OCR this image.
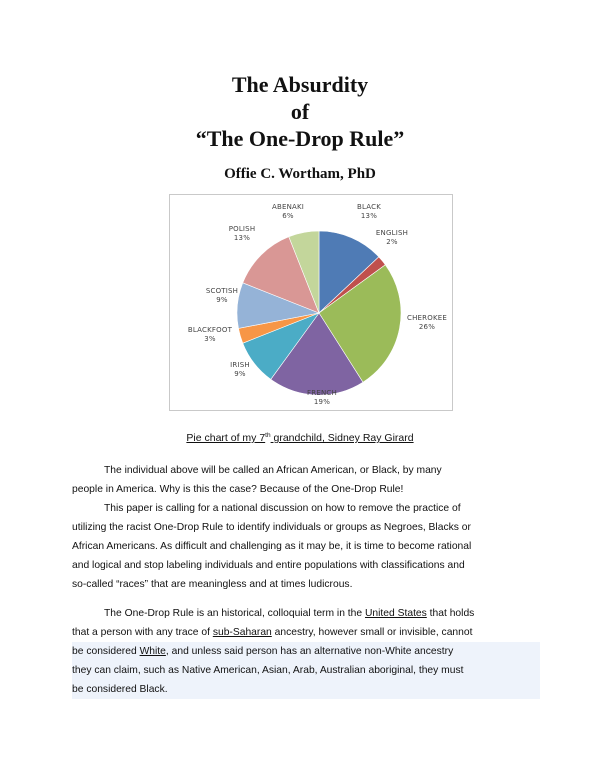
The Absurdity
of
“The One-Drop Rule”
Offie C. Wortham, PhD
BLACK
13%
ENGLISH
2%
CHEROKEE
26%
FRENCH
19%
IRISH
9%
BLACKFOOT
3%
SCOTISH
9%
POLISH
13%
ABENAKI
6%
Pie chart of my 7th grandchild, Sidney Ray Girard
The individual above will be called an African American, or Black, by many
people in America. Why is this the case? Because of the One-Drop Rule!
This paper is calling for a national discussion on how to remove the practice of
utilizing the racist One-Drop Rule to identify individuals or groups as Negroes, Blacks or
African Americans. As difficult and challenging as it may be, it is time to become rational
and logical and stop labeling individuals and entire populations with classifications and
so-called “races” that are meaningless and at times ludicrous.
The One-Drop Rule is an historical, colloquial term in the United States that holds
that a person with any trace of sub-Saharan ancestry, however small or invisible, cannot
be considered White, and unless said person has an alternative non-White ancestry
they can claim, such as Native American, Asian, Arab, Australian aboriginal, they must
be considered Black.
